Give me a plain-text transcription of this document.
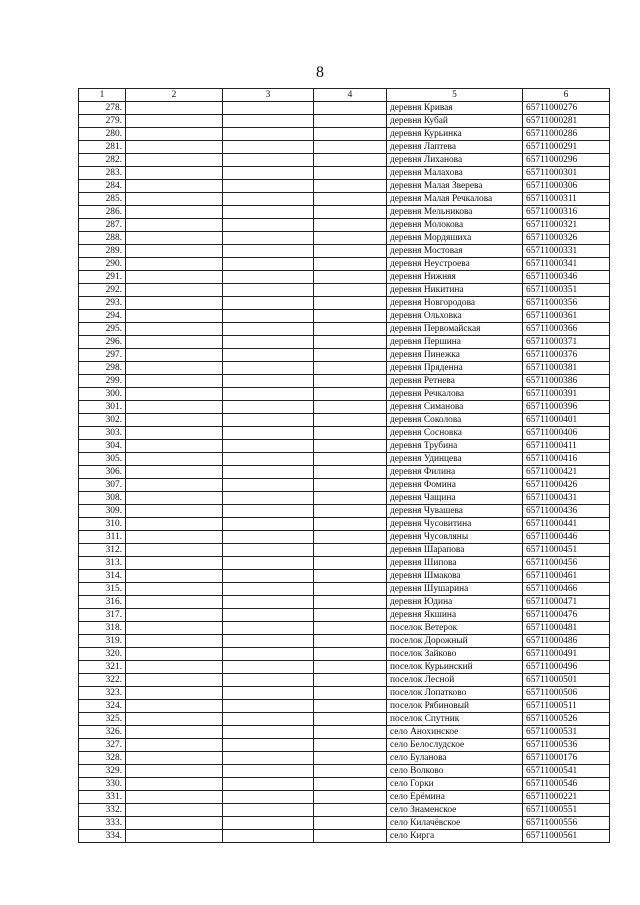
8
1	2	3	4	5	6
278.				деревня Кривая	65711000276
279.				деревня Кубай	65711000281
280.				деревня Курьинка	65711000286
281.				деревня Лаптева	65711000291
282.				деревня Лиханова	65711000296
283.				деревня Малахова	65711000301
284.				деревня Малая Зверева	65711000306
285.				деревня Малая Речкалова	65711000311
286.				деревня Мельникова	65711000316
287.				деревня Молокова	65711000321
288.				деревня Мордяшиха	65711000326
289.				деревня Мостовая	65711000331
290.				деревня Неустроева	65711000341
291.				деревня Нижняя	65711000346
292.				деревня Никитина	65711000351
293.				деревня Новгородова	65711000356
294.				деревня Ольховка	65711000361
295.				деревня Первомайская	65711000366
296.				деревня Першина	65711000371
297.				деревня Пинежка	65711000376
298.				деревня Пряденна	65711000381
299.				деревня Ретнева	65711000386
300.				деревня Речкалова	65711000391
301.				деревня Симанова	65711000396
302.				деревня Соколова	65711000401
303.				деревня Сосновка	65711000406
304.				деревня Трубина	65711000411
305.				деревня Удинцева	65711000416
306.				деревня Филина	65711000421
307.				деревня Фомина	65711000426
308.				деревня Чащина	65711000431
309.				деревня Чувашева	65711000436
310.				деревня Чусовитина	65711000441
311.				деревня Чусовляны	65711000446
312.				деревня Шарапова	65711000451
313.				деревня Шипова	65711000456
314.				деревня Шмакова	65711000461
315.				деревня Шушарина	65711000466
316.				деревня Юдина	65711000471
317.				деревня Якшина	65711000476
318.				поселок Ветерок	65711000481
319.				поселок Дорожный	65711000486
320.				поселок Зайково	65711000491
321.				поселок Курьинский	65711000496
322.				поселок Лесной	65711000501
323.				поселок Лопатково	65711000506
324.				поселок Рябиновый	65711000511
325.				поселок Спутник	65711000526
326.				село Анохинское	65711000531
327.				село Белослудское	65711000536
328.				село Буланова	65711000176
329.				село Волково	65711000541
330.				село Горки	65711000546
331.				село Ерёмина	65711000221
332.				село Знаменское	65711000551
333.				село Килачёвское	65711000556
334.				село Кирга	65711000561
